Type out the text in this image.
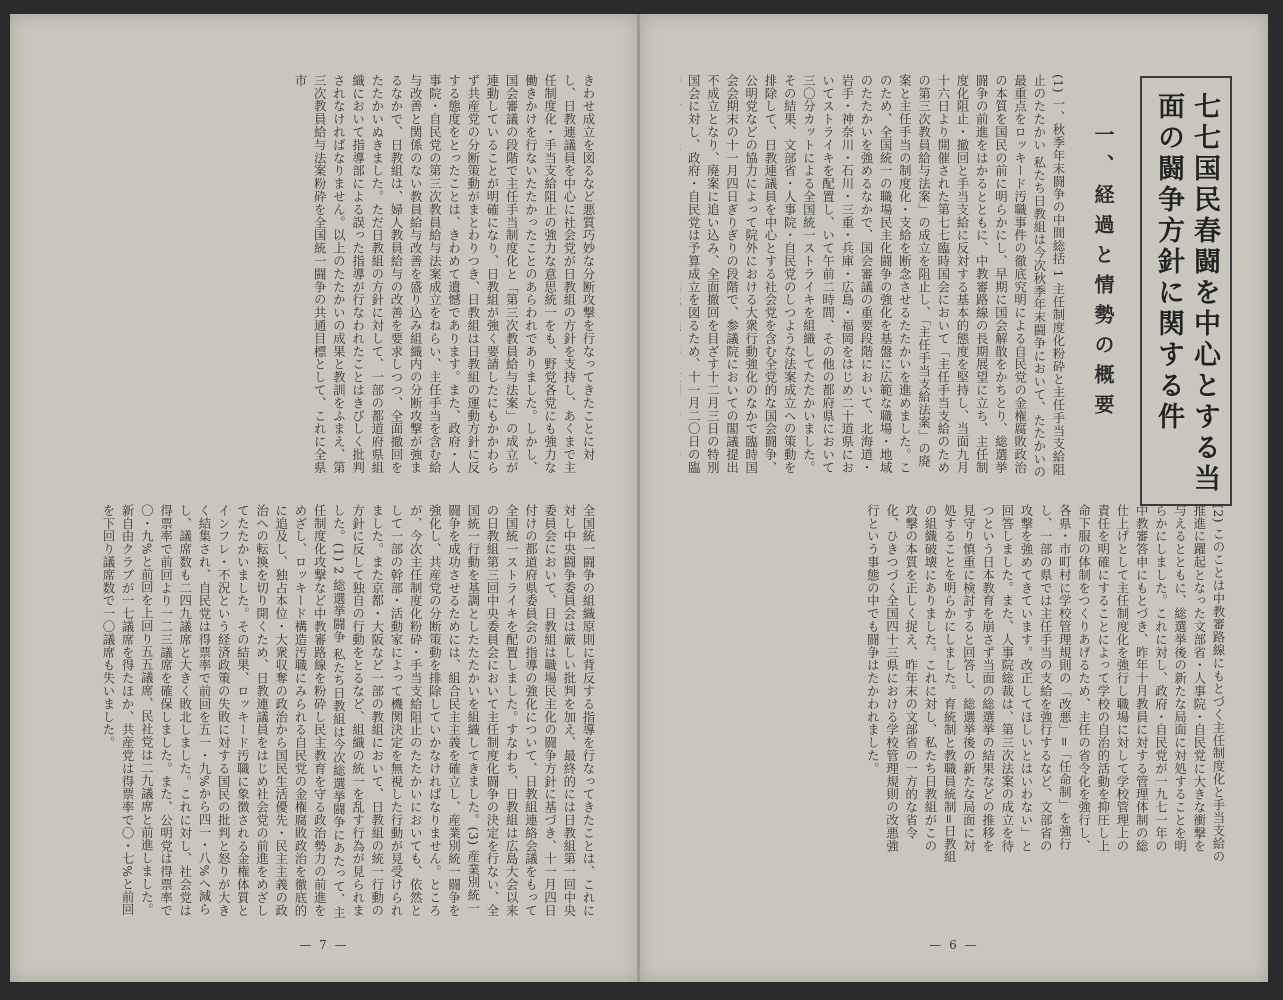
きわせ成立を図るなど悪質巧妙な分断攻撃を行なってきたことに対し、日教連議員を中心に社会党が日教組の方針を支持し、あくまで主任制度化・手当支給阻止の強力な意思統一をも、野党各党にも強力な働きかけを行ないたたかったことのあらわれでありました。しかし、国会審議の段階で主任手当制度化と「第三次教員給与法案」の成立が連動していることが明確になり、日教組が強く要請したにもかかわらず共産党の分断策動がまとわりつき、日教組は日教組の運動方針に反する態度をとったことは、きわめて遺憾であります。また、政府・人事院・自民党の第三次教員給与法案成立をねらい、主任手当を含む給与改善と関係のない教員給与改善を盛り込み組織内の分断攻撃が強まるなかで、日教組は、婦人教員給与の改善を要求しつつ、全面撤回をたたかいぬきました。ただ日教組の方針に対して、一部の都道府県組織において指導部による誤った指導が行なわれたことはきびしく批判されなければなりません。以上のたたかいの成果と教訓をふまえ、第三次教員給与法案粉砕を全国統一闘争の共通目標として、これに全県市
全国統一闘争の組織原則に背反する指導を行なってきたことは、これに対し中央闘争委員会は厳しい批判を加え、最終的には日教組第一回中央委員会において、日教組は職場民主化の闘争方針に基づき、十一月四日付けの都道府県委員会の指導の強化について、日教組連絡会議をもって全国統一ストライキを配置しました。すなわち、日教組は広島大会以来の日教組第三回中央委員会において主任制度化闘争の決定を行ない、全国統一行動を基調としたたたかいを組織してきました。(3) 産業別統一闘争を成功させるためには、組合民主主義を確立し、産業別統一闘争を強化し、共産党の分断策動を排除していかなければなりません。ところが、今次主任制度化粉砕・手当支給阻止のたたかいにおいても、依然として一部の幹部・活動家によって機関決定を無視した行動が見受けられました。また京都・大阪など一部の教組において、日教組の統一行動の方針に反して独自の行動をとるなど、組織の統一を乱す行為が見られました。(1) 2 総選挙闘争 私たち日教組は今次総選挙闘争にあたって、主任制度化攻撃など中教審路線を粉砕し民主教育を守る政治勢力の前進をめざし、ロッキード構造汚職にみられる自民党の金権腐敗政治を徹底的に追及し、独占本位・大衆収奪の政治から国民生活優先・民主主義の政治への転換を切り開くため、日教連議員をはじめ社会党の前進をめざしてたたかいました。その結果、ロッキード汚職に象徴される金権体質とインフレ・不況という経済政策の失敗に対する国民の批判と怒りが大きく結集され、自民党は得票率で前回を五一・九%から四一・八%へ減らし、議席数も二四九議席と大きく敗北しました。これに対し、社会党は得票率で前回より一二三議席を確保しました。また、公明党は得票率で〇・九%と前回を上回り五五議席、民社党は二九議席と前進しました。新自由クラブが一七議席を得たほか、共産党は得票率で〇・七%と前回を下回り議席数で一〇議席も失いました。
— 7 —
七七国民春闘を中心とする当面の闘争方針に関する件
一、経過と情勢の概要
(1) 一、秋季年末闘争の中間総括 1 主任制度化粉砕と主任手当支給阻止のたたかい 私たち日教組は今次秋季年末闘争において、たたかいの最重点をロッキード汚職事件の徹底究明による自民党の金権腐敗政治の本質を国民の前に明らかにし、早期に国会解散をかちとり、総選挙闘争の前進をはかるとともに、中教審路線の長期展望に立ち、主任制度化阻止・撤回と手当支給に反対する基本的態度を堅持し、当面九月十六日より開催された第七七臨時国会において「主任手当支給のための第三次教員給与法案」の成立を阻止し、「主任手当支給法案」の廃案と主任手当の制度化・支給を断念させるたたかいを進めました。このため、全国統一の職場民主化闘争の強化を基盤に広範な職場・地域のたたかいを強めるなかで、国会審議の重要段階において、北海道・岩手・神奈川・石川・三重・兵庫・広島・福岡をはじめ二十道県においてストライキを配置し、いて午前二時間、その他の都府県において三〇分カットによる全国統一ストライキを組織してたたかいました。その結果、文部省・人事院・自民党のしつような法案成立への策動を排除して、日教連議員を中心とする社会党を含む全党的な国会闘争、公明党などの協力によって院外における大衆行動強化のなかで臨時国会会期末の十一月四日ぎりぎりの段階で、参議院においての閣議提出不成立となり、廃案に追い込み、全面撤回を目ざす十二月三日の特別国会に対し、政府・自民党は予算成立を図るため、十一月二〇日の臨
(2) このことは中教審路線にもとづく主任制度化と手当支給の推進に躍起となった文部省・人事院・自民党に大きな衝撃を与えるとともに、総選挙後の新たな局面に対処することを明らかにしました。これに対し、政府・自民党が一九七一年の中教審答申にもとづき、昨年十月教員に対する管理体制の総仕上げとして主任制度化を強行し職場に対して学校管理上の責任を明確にすることによって学校の自治的活動を抑圧し上命下服の体制をつくりあげるため、主任の省令化を強行し、各県・市町村に学校管理規則の「改悪」=「任命制」を強行し、一部の県では主任手当の支給を強行するなど、文部省の攻撃を強めてきています。改正してほしいとはいわない」と回答しました。また、人事院総裁は、第三次法案の成立を待つという日本教育を崩さず当面の総選挙の結果などの推移を見守り慎重に検討すると回答し、総選挙後の新たな局面に対処することを明らかにしました。育統制と教職員統制=日教組の組織破壊にありました。これに対し、私たち日教組がこの攻撃の本質を正しく捉え、昨年末の文部省の一方的な省令化、ひきつづく全国四十三県における学校管理規則の改悪強行という事態の中でも闘争はたかわれました。
— 6 —
